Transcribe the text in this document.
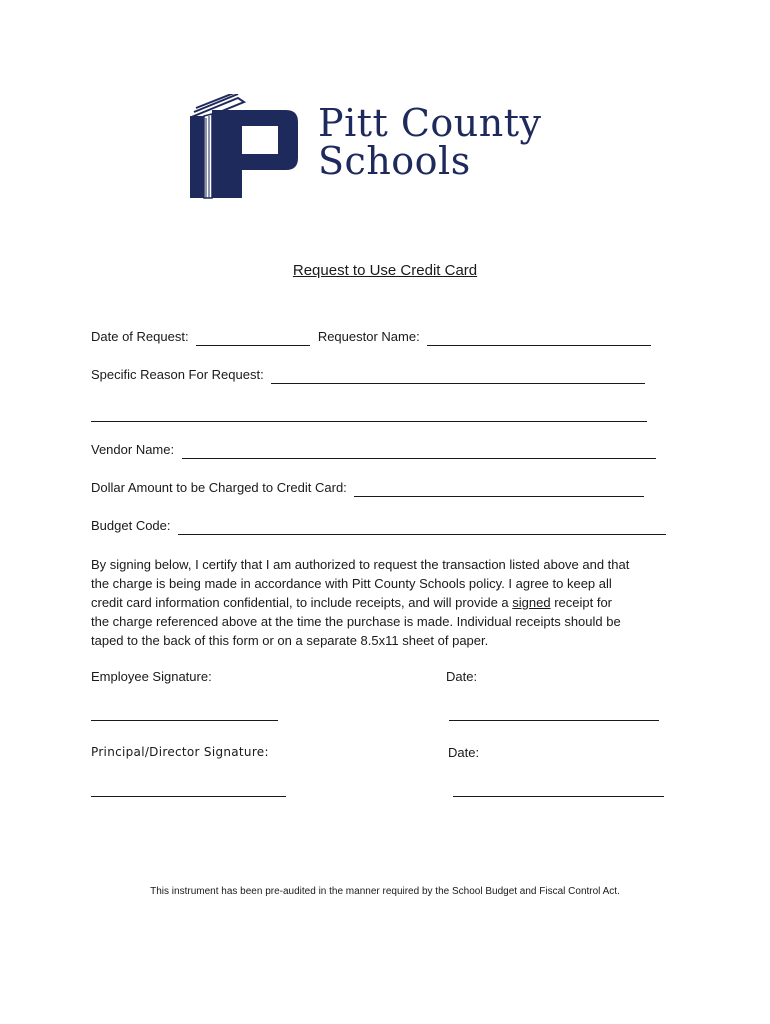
Pitt County
Schools
Request to Use Credit Card
Date of Request:	Requestor Name:
Specific Reason For Request:
Vendor Name:
Dollar Amount to be Charged to Credit Card:
Budget Code:
By signing below, I certify that I am authorized to request the transaction listed above and that
the charge is being made in accordance with Pitt County Schools policy. I agree to keep all
credit card information confidential, to include receipts, and will provide a signed receipt for
the charge referenced above at the time the purchase is made. Individual receipts should be
taped to the back of this form or on a separate 8.5x11 sheet of paper.
Employee Signature:	Date:
Principal/Director Signature:	Date:
This instrument has been pre-audited in the manner required by the School Budget and Fiscal Control Act.
